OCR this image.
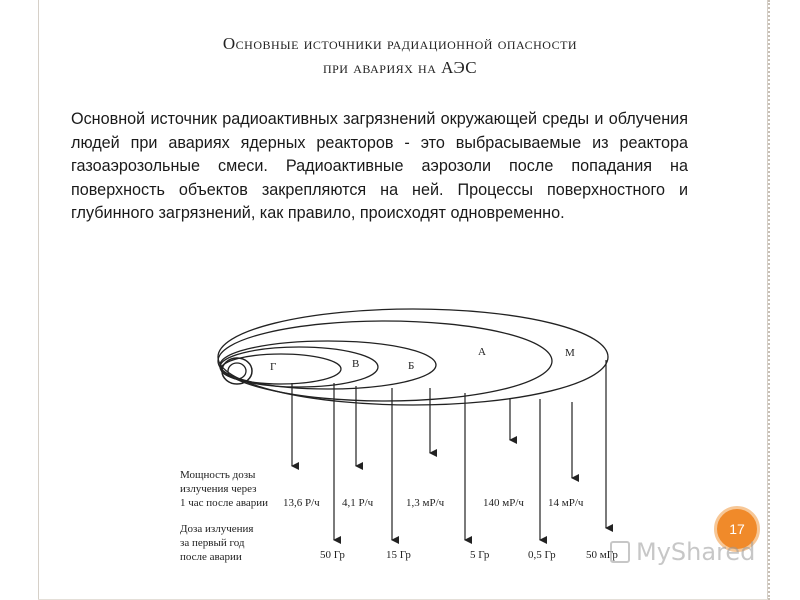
Основные источники радиационной опасности
при авариях на АЭС
Основной источник радиоактивных загрязнений окружающей среды и облучения людей при авариях ядерных реакторов - это выбрасываемые из реактора газоаэрозольные смеси. Радиоактивные аэрозоли после попадания на поверхность объектов закрепляются на ней. Процессы поверхностного и глубинного загрязнений, как правило, происходят одновременно.
Г	В	Б
А	М
Мощность дозы
излучения через
1 час после аварии
Доза излучения
за первый год
после аварии
13,6 Р/ч 4,1 Р/ч	1,3 мР/ч	140 мР/ч 14 мР/ч
50 Гр	15 Гр	5 Гр	0,5 Гр	50 мГр
17
MyShared
